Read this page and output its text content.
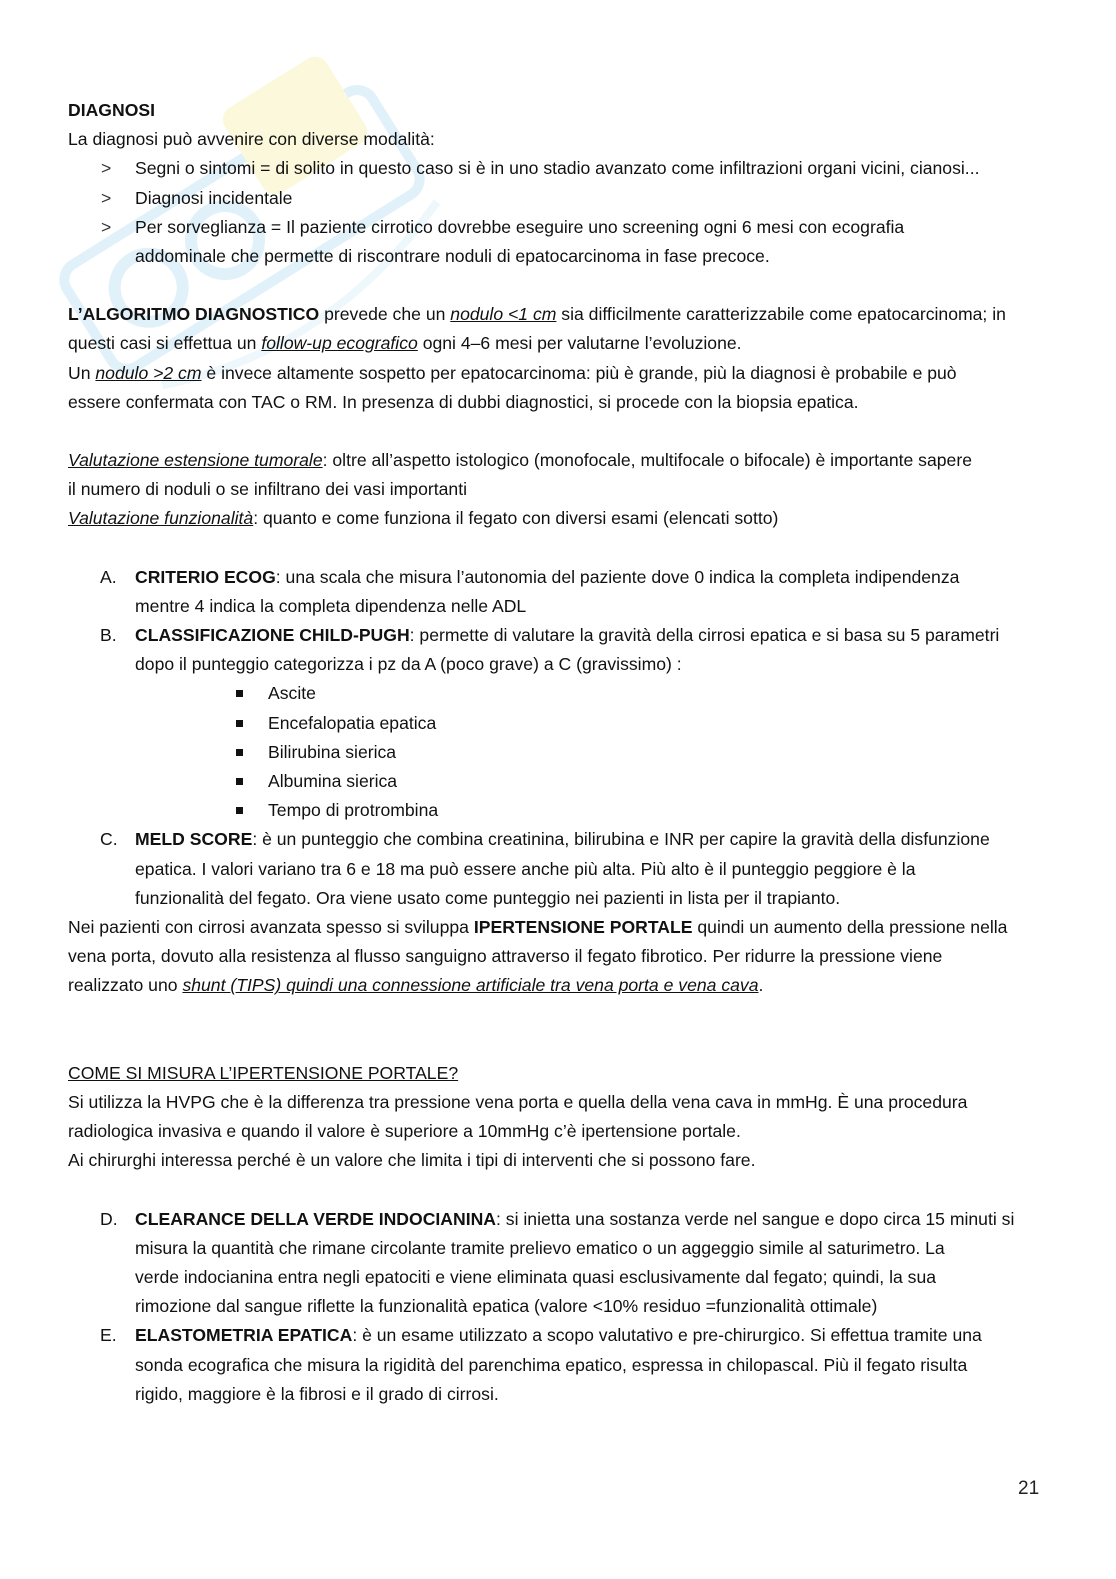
DIAGNOSI

La diagnosi può avvenire con diverse modalità:

> Segni o sintomi = di solito in questo caso si è in uno stadio avanzato come infiltrazioni organi vicini, cianosi...

> Diagnosi incidentale

> Per sorveglianza = Il paziente cirrotico dovrebbe eseguire uno screening ogni 6 mesi con ecografia

addominale che permette di riscontrare noduli di epatocarcinoma in fase precoce.

L’ALGORITMO DIAGNOSTICO prevede che un nodulo <1 cm sia difficilmente caratterizzabile come epatocarcinoma; in

questi casi si effettua un follow-up ecografico ogni 4–6 mesi per valutarne l’evoluzione.

Un nodulo >2 cm è invece altamente sospetto per epatocarcinoma: più è grande, più la diagnosi è probabile e può

essere confermata con TAC o RM. In presenza di dubbi diagnostici, si procede con la biopsia epatica.

Valutazione estensione tumorale: oltre all’aspetto istologico (monofocale, multifocale o bifocale) è importante sapere

il numero di noduli o se infiltrano dei vasi importanti

Valutazione funzionalità: quanto e come funziona il fegato con diversi esami (elencati sotto)

A. CRITERIO ECOG: una scala che misura l’autonomia del paziente dove 0 indica la completa indipendenza

mentre 4 indica la completa dipendenza nelle ADL

B. CLASSIFICAZIONE CHILD-PUGH: permette di valutare la gravità della cirrosi epatica e si basa su 5 parametri

dopo il punteggio categorizza i pz da A (poco grave) a C (gravissimo) :

Ascite

Encefalopatia epatica

Bilirubina sierica

Albumina sierica

Tempo di protrombina

C. MELD SCORE: è un punteggio che combina creatinina, bilirubina e INR per capire la gravità della disfunzione

epatica. I valori variano tra 6 e 18 ma può essere anche più alta. Più alto è il punteggio peggiore è la

funzionalità del fegato. Ora viene usato come punteggio nei pazienti in lista per il trapianto.

Nei pazienti con cirrosi avanzata spesso si sviluppa IPERTENSIONE PORTALE quindi un aumento della pressione nella

vena porta, dovuto alla resistenza al flusso sanguigno attraverso il fegato fibrotico. Per ridurre la pressione viene

realizzato uno shunt (TIPS) quindi una connessione artificiale tra vena porta e vena cava.

COME SI MISURA L’IPERTENSIONE PORTALE?

Si utilizza la HVPG che è la differenza tra pressione vena porta e quella della vena cava in mmHg. È una procedura

radiologica invasiva e quando il valore è superiore a 10mmHg c’è ipertensione portale.

Ai chirurghi interessa perché è un valore che limita i tipi di interventi che si possono fare.

D. CLEARANCE DELLA VERDE INDOCIANINA: si inietta una sostanza verde nel sangue e dopo circa 15 minuti si

misura la quantità che rimane circolante tramite prelievo ematico o un aggeggio simile al saturimetro. La

verde indocianina entra negli epatociti e viene eliminata quasi esclusivamente dal fegato; quindi, la sua

rimozione dal sangue riflette la funzionalità epatica (valore <10% residuo =funzionalità ottimale)

E. ELASTOMETRIA EPATICA: è un esame utilizzato a scopo valutativo e pre-chirurgico. Si effettua tramite una

sonda ecografica che misura la rigidità del parenchima epatico, espressa in chilopascal. Più il fegato risulta

rigido, maggiore è la fibrosi e il grado di cirrosi.

21
